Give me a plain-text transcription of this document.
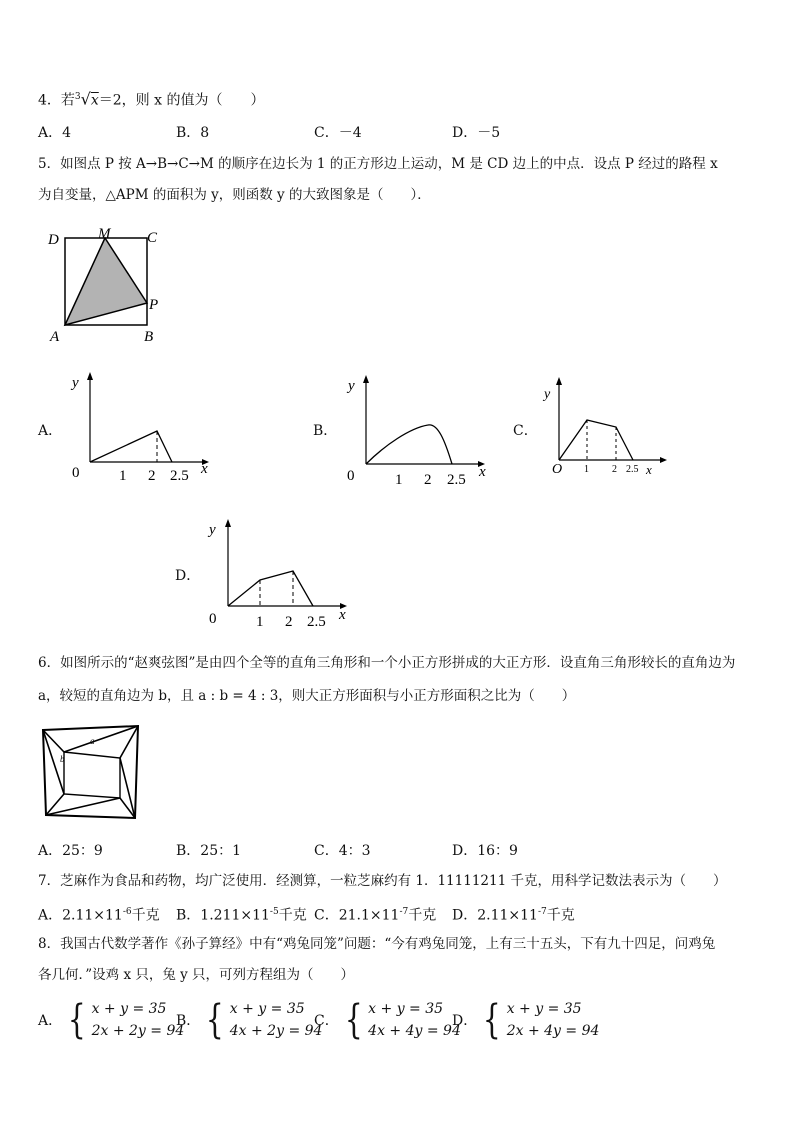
4．若$^3$√x＝2，则 x 的值为（　　）
A．4	B．8	C．－4	D．－5
5．如图点 P 按 A→B→C→M 的顺序在边长为 1 的正方形边上运动，M 是 CD 边上的中点．设点 P 经过的路程 x
为自变量，△APM 的面积为 y，则函数 y 的大致图象是（　　）．
D	M C
A	B
P
A．
y
0	1 2 2.5 x
B．
y
0	1 2 2.5 x
C．
y
O 1 2 2.5 x
D．
y
0	1 2 2.5 x
6．如图所示的“赵爽弦图”是由四个全等的直角三角形和一个小正方形拼成的大正方形．设直角三角形较长的直角边为
a，较短的直角边为 b，且 a : b = 4 : 3，则大正方形面积与小正方形面积之比为（　　）
a
b
A．25：9	B．25：1	C．4：3	D．16：9
7．芝麻作为食品和药物，均广泛使用．经测算，一粒芝麻约有 1．11111211 千克，用科学记数法表示为（　　）
A．$2.11\times 11^{-6}$千克 B．$1.211\times 11^{-5}$千克 C．$21.1\times 11^{-7}$千克 D．$2.11\times 11^{-7}$千克
8．我国古代数学著作《孙子算经》中有“鸡兔同笼”问题：“今有鸡兔同笼，上有三十五头，下有九十四足，问鸡兔
各几何．”设鸡 x 只，兔 y 只，可列方程组为（　　）
A． { x + y = 35
2x + 2y = 94
B． { x + y = 35
4x + 2y = 94
C． { x + y = 35
4x + 4y = 94
D． { x + y = 35
2x + 4y = 94
